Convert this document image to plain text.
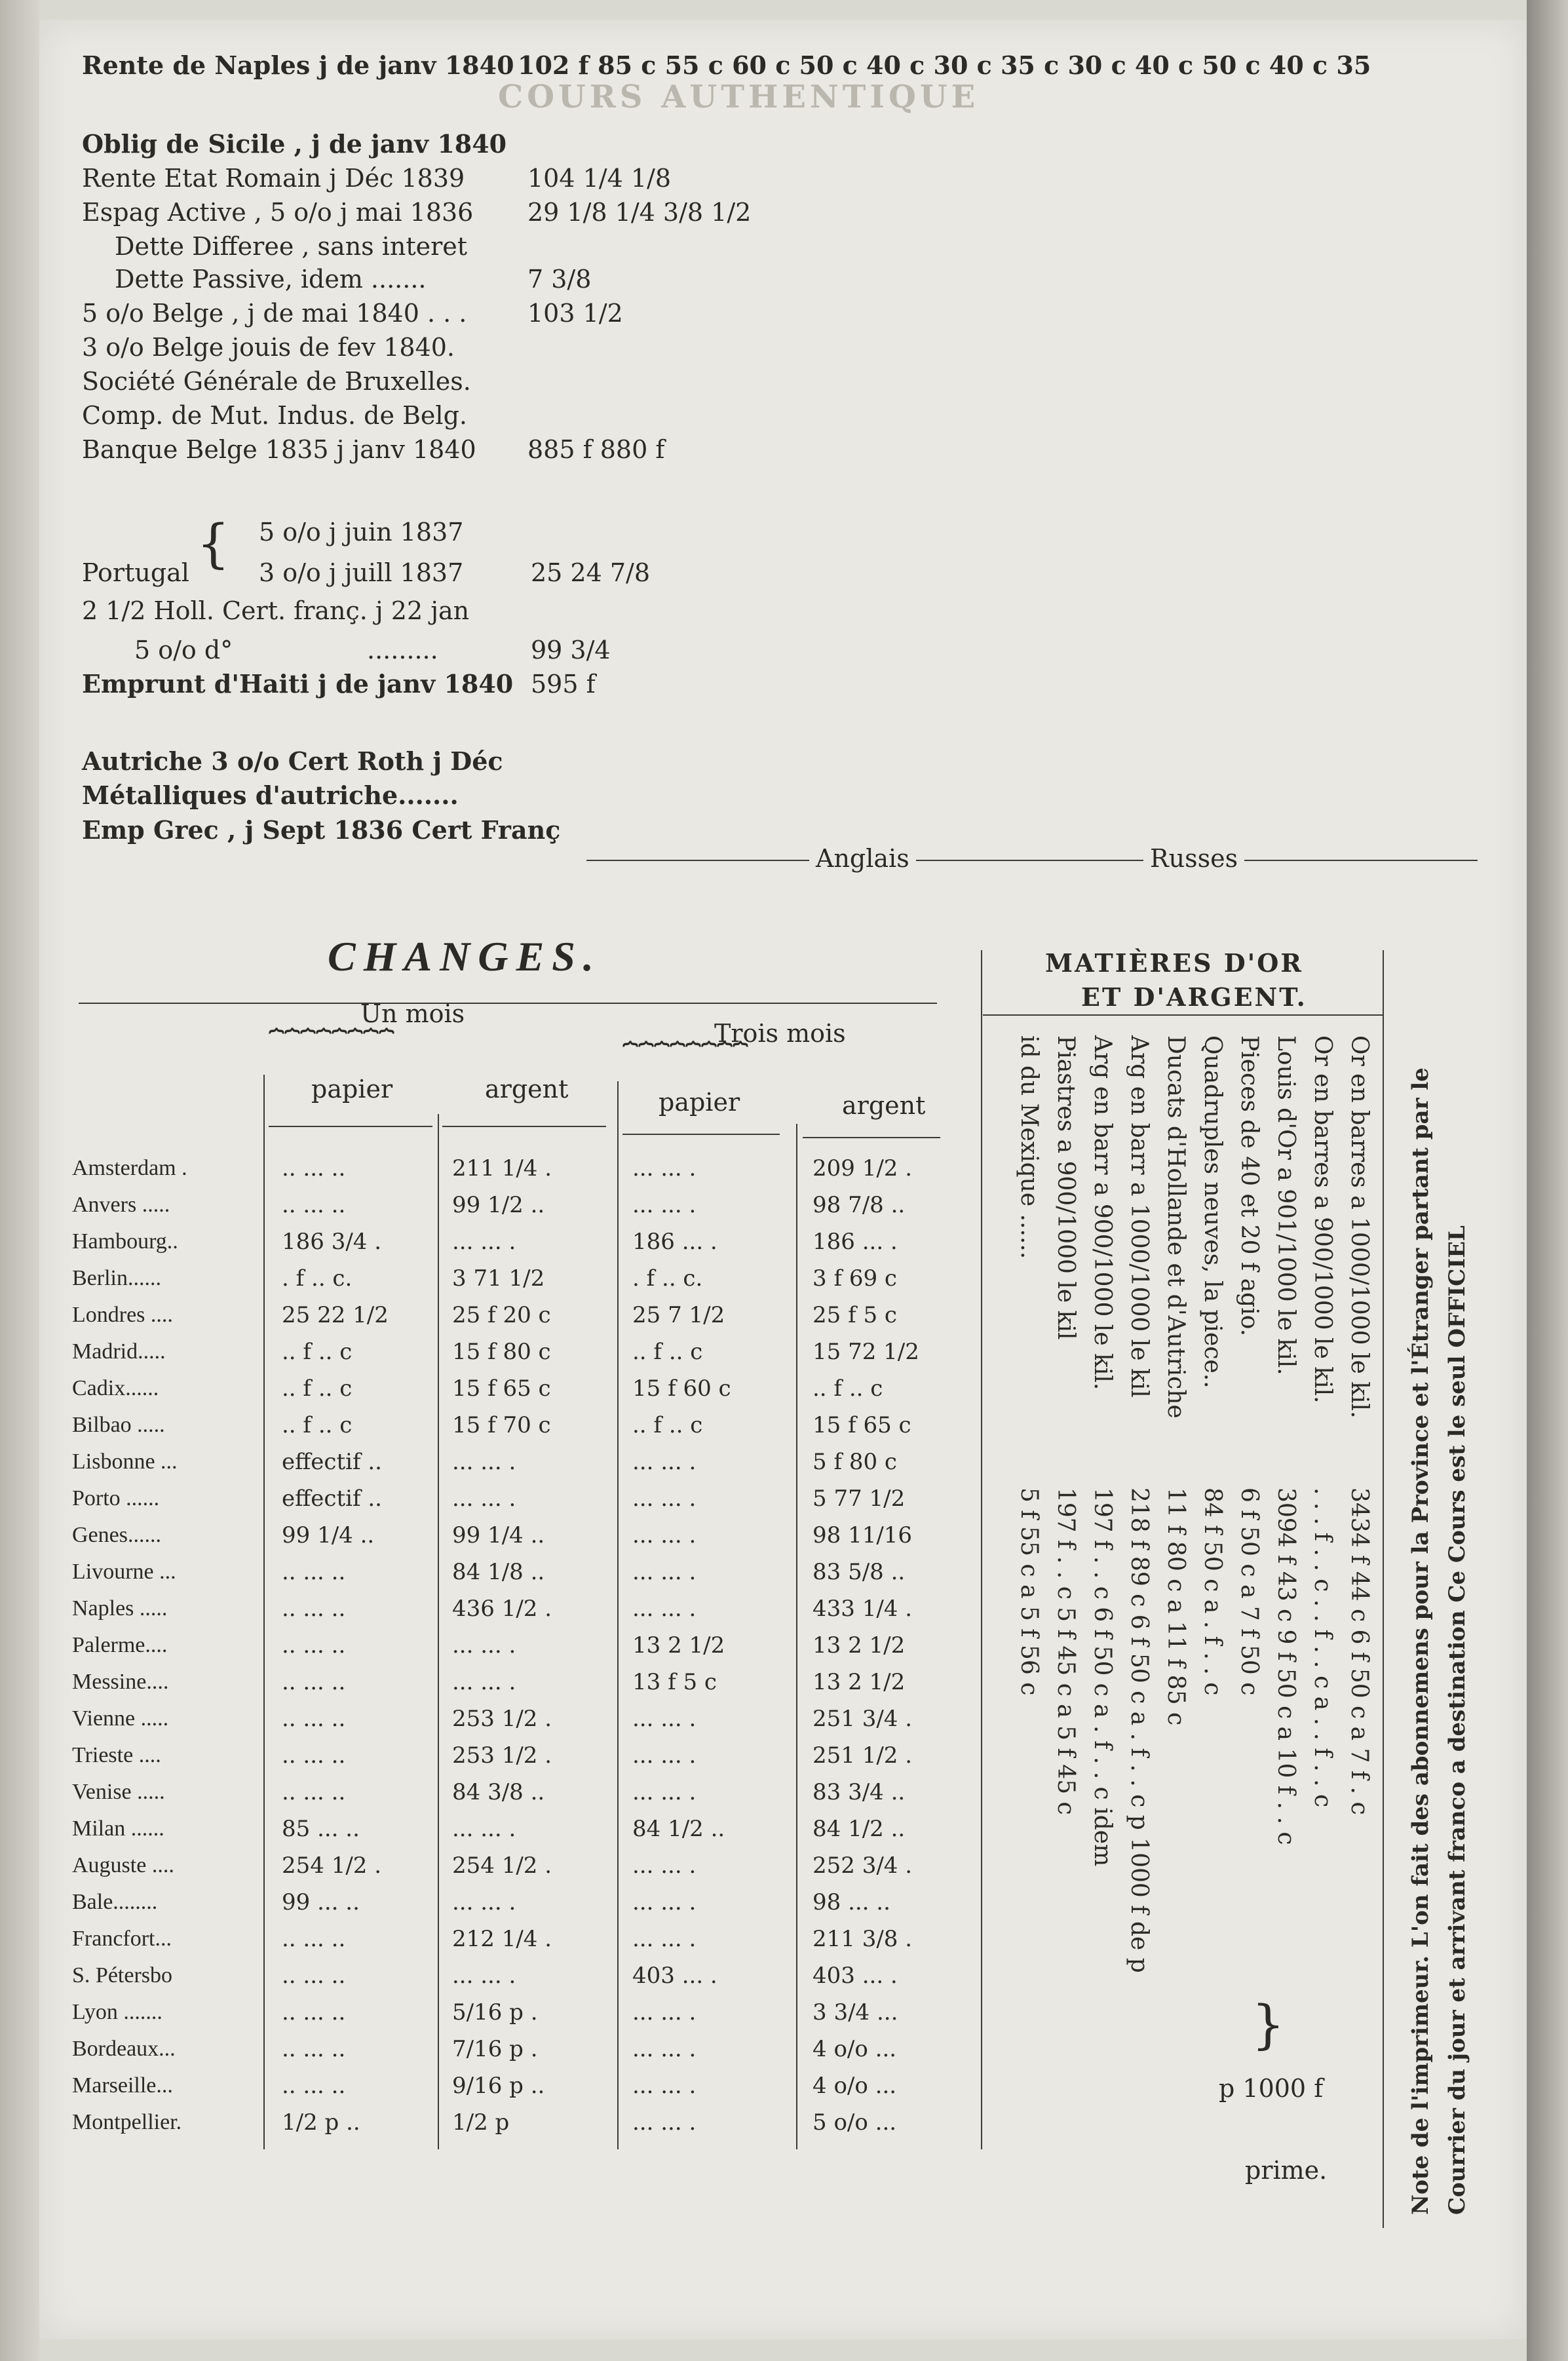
COURS AUTHENTIQUE
Rente de Naples j de janv 1840 102 f 85 c 55 c 60 c 50 c 40 c 30 c 35 c 30 c 40 c 50 c 40 c 35
Oblig de Sicile , j de janv 1840
Rente Etat Romain j Déc 1839	104 1/4 1/8
Espag Active , 5 o/o j mai 1836 29 1/8 1/4 3/8 1/2
Dette Differee , sans interet
Dette Passive, idem .......	7 3/8
5 o/o Belge , j de mai 1840 . . . 103 1/2
3 o/o Belge jouis de fev 1840.
Société Générale de Bruxelles.
Comp. de Mut. Indus. de Belg.
Banque Belge 1835 j janv 1840 885 f 880 f
5 o/o j juin 1837
Portugal	3 o/o j juill 1837	25 24 7/8
2 1/2 Holl. Cert. franç. j 22 jan
5 o/o d°	.........	99 3/4
Emprunt d'Haiti j de janv 1840 595 f
Autriche 3 o/o Cert Roth j Déc
Métalliques d'autriche.......
Emp Grec , j Sept 1836 Cert Franç
{
Anglais	Russes
CHANGES.
Un mois
Trois mois
⏞⏞⏞⏞⏞⏞⏞⏞	⏞⏞⏞⏞⏞⏞⏞⏞
papier	argent	papier	argent
Amsterdam .	.. ... ..	211 1/4 .	... ... .	209 1/2 .
Anvers .....	.. ... ..	99 1/2 ..	... ... .	98 7/8 ..
Hambourg..	186 3/4 .	... ... .	186 ... .	186 ... .
Berlin......	. f .. c.	3 71 1/2	. f .. c.	3 f 69 c
Londres ....	25 22 1/2	25 f 20 c	25 7 1/2	25 f 5 c
Madrid.....	.. f .. c	15 f 80 c	.. f .. c	15 72 1/2
Cadix......	.. f .. c	15 f 65 c	15 f 60 c	.. f .. c
Bilbao .....	.. f .. c	15 f 70 c	.. f .. c	15 f 65 c
Lisbonne ...	effectif ..	... ... .	... ... .	5 f 80 c
Porto ......	effectif ..	... ... .	... ... .	5 77 1/2
Genes......	99 1/4 ..	99 1/4 ..	... ... .	98 11/16
Livourne ...	.. ... ..	84 1/8 ..	... ... .	83 5/8 ..
Naples .....	.. ... ..	436 1/2 .	... ... .	433 1/4 .
Palerme....	.. ... ..	... ... .	13 2 1/2	13 2 1/2
Messine....	.. ... ..	... ... .	13 f 5 c	13 2 1/2
Vienne .....	.. ... ..	253 1/2 .	... ... .	251 3/4 .
Trieste ....	.. ... ..	253 1/2 .	... ... .	251 1/2 .
Venise .....	.. ... ..	84 3/8 ..	... ... .	83 3/4 ..
Milan ......	85 ... ..	... ... .	84 1/2 ..	84 1/2 ..
Auguste ....	254 1/2 .	254 1/2 .	... ... .	252 3/4 .
Bale........	99 ... ..	... ... .	... ... .	98 ... ..
Francfort...	.. ... ..	212 1/4 .	... ... .	211 3/8 .
S. Pétersbo	.. ... ..	... ... .	403 ... .	403 ... .
Lyon .......	.. ... ..	5/16 p .	... ... .	3 3/4 ...
Bordeaux...	.. ... ..	7/16 p .	... ... .	4 o/o ...
Marseille...	.. ... ..	9/16 p ..	... ... .	4 o/o ...
Montpellier.	1/2 p ..	1/2 p	... ... .	5 o/o ...
MATIÈRES D'OR
ET D'ARGENT.
Or en barres a 1000/1000 le kil.
3434 f 44 c 6 f 50 c a 7 f . c
Or en barres a 900/1000 le kil.
. . . f . . c . . f . . c a . . f . . c
Louis d'Or a 901/1000 le kil.
3094 f 43 c 9 f 50 c a 10 f . . c
Pieces de 40 et 20 f agio.
6 f 50 c a 7 f 50 c
Quadruples neuves, la piece..
84 f 50 c a . f . . c
Ducats d'Hollande et d'Autriche
11 f 80 c a 11 f 85 c
Arg en barr a 1000/1000 le kil
218 f 89 c 6 f 50 c a . f . . c p 1000 f de p
Arg en barr a 900/1000 le kil.
197 f . . c 6 f 50 c a . f . . c idem
Piastres a 900/1000 le kil
197 f . . c 5 f 45 c a 5 f 45 c
id du Mexique ......
5 f 55 c a 5 f 56 c
p 1000 f
prime.
}	Note de l'imprimeur. L'on fait des abonnemens pour la Province et l'Étranger partant par le Courrier du jour et arrivant franco a destination Ce Cours est le seul OFFICIEL
